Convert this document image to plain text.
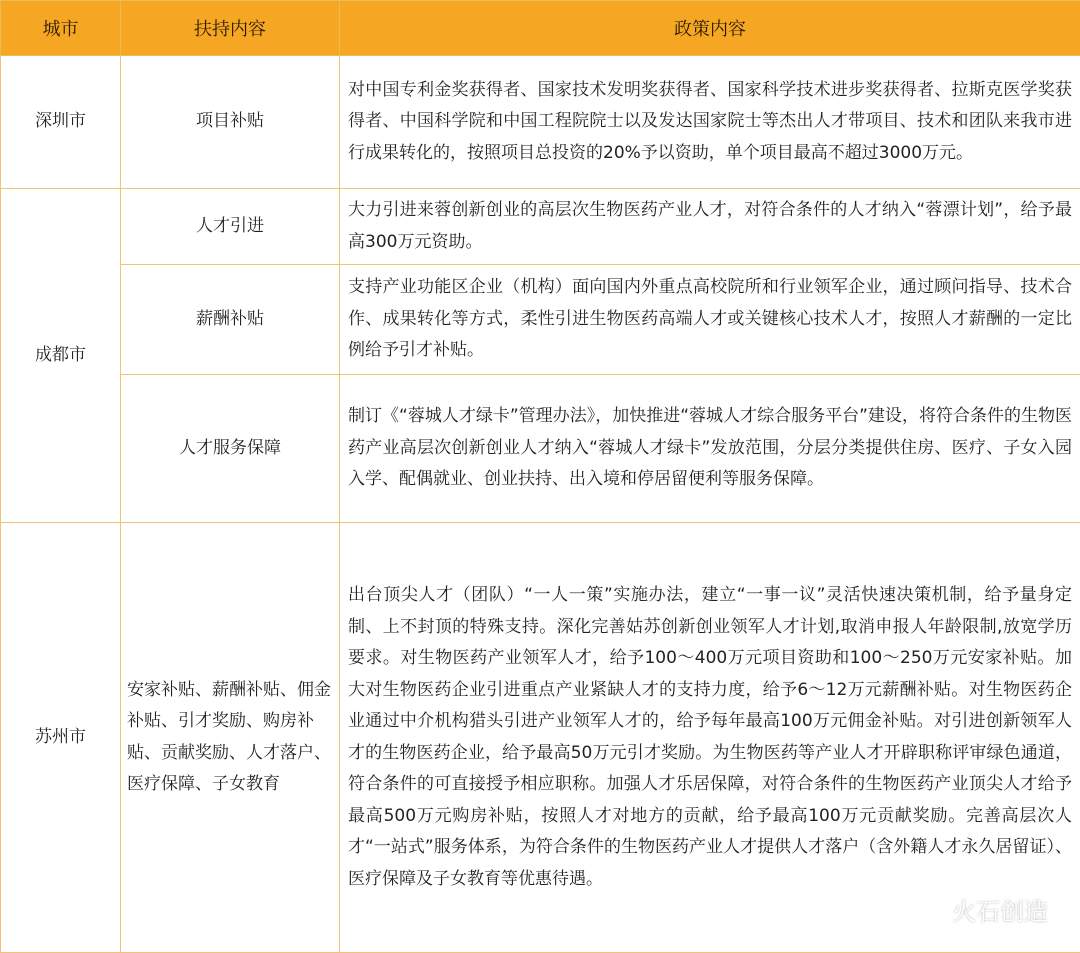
城市	扶持内容	政策内容
深圳市	项目补贴	对中国专利金奖获得者、国家技术发明奖获得者、国家科学技术进步奖获得者、拉斯克医学奖获得者、中国科学院和中国工程院院士以及发达国家院士等杰出人才带项目、技术和团队来我市进行成果转化的，按照项目总投资的20%予以资助，单个项目最高不超过3000万元。
成都市	人才引进	大力引进来蓉创新创业的高层次生物医药产业人才，对符合条件的人才纳入“蓉漂计划”，给予最高300万元资助。
	薪酬补贴	支持产业功能区企业（机构）面向国内外重点高校院所和行业领军企业，通过顾问指导、技术合作、成果转化等方式，柔性引进生物医药高端人才或关键核心技术人才，按照人才薪酬的一定比例给予引才补贴。
	人才服务保障	制订《“蓉城人才绿卡”管理办法》，加快推进“蓉城人才综合服务平台”建设，将符合条件的生物医药产业高层次创新创业人才纳入“蓉城人才绿卡”发放范围，分层分类提供住房、医疗、子女入园入学、配偶就业、创业扶持、出入境和停居留便利等服务保障。
苏州市	安家补贴、薪酬补贴、佣金补贴、引才奖励、购房补贴、贡献奖励、人才落户、医疗保障、子女教育	出台顶尖人才（团队）“一人一策”实施办法，建立“一事一议”灵活快速决策机制，给予量身定制、上不封顶的特殊支持。深化完善姑苏创新创业领军人才计划,取消申报人年龄限制,放宽学历要求。对生物医药产业领军人才，给予100～400万元项目资助和100～250万元安家补贴。加大对生物医药企业引进重点产业紧缺人才的支持力度，给予6～12万元薪酬补贴。对生物医药企业通过中介机构猎头引进产业领军人才的，给予每年最高100万元佣金补贴。对引进创新领军人才的生物医药企业，给予最高50万元引才奖励。为生物医药等产业人才开辟职称评审绿色通道，符合条件的可直接授予相应职称。加强人才乐居保障，对符合条件的生物医药产业顶尖人才给予最高500万元购房补贴，按照人才对地方的贡献，给予最高100万元贡献奖励。完善高层次人才“一站式”服务体系，为符合条件的生物医药产业人才提供人才落户（含外籍人才永久居留证）、医疗保障及子女教育等优惠待遇。
火石创造
